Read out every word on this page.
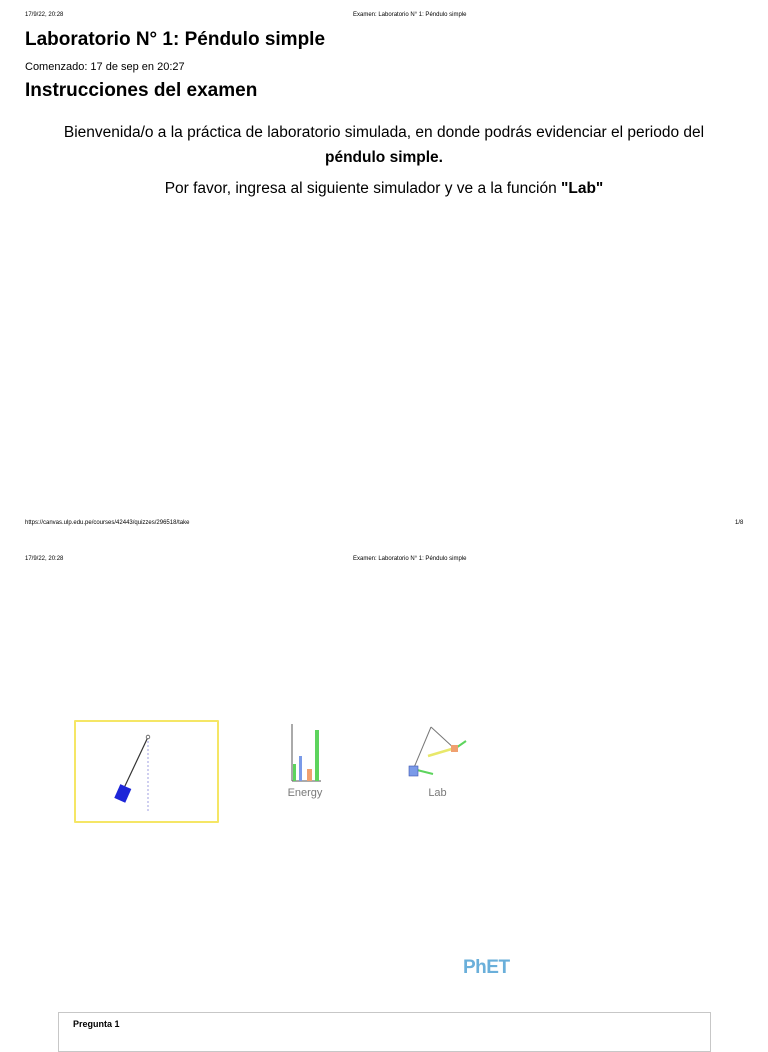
17/9/22, 20:28	Examen: Laboratorio N° 1: Péndulo simple
Laboratorio N° 1: Péndulo simple
Comenzado: 17 de sep en 20:27
Instrucciones del examen
Bienvenida/o a la práctica de laboratorio simulada, en donde podrás evidenciar el periodo del
péndulo simple.
Por favor, ingresa al siguiente simulador y ve a la función "Lab"
https://canvas.ulp.edu.pe/courses/42443/quizzes/296518/take	1/8
17/9/22, 20:28	Examen: Laboratorio N° 1: Péndulo simple
Energy	Lab
PhET
Pregunta 1
